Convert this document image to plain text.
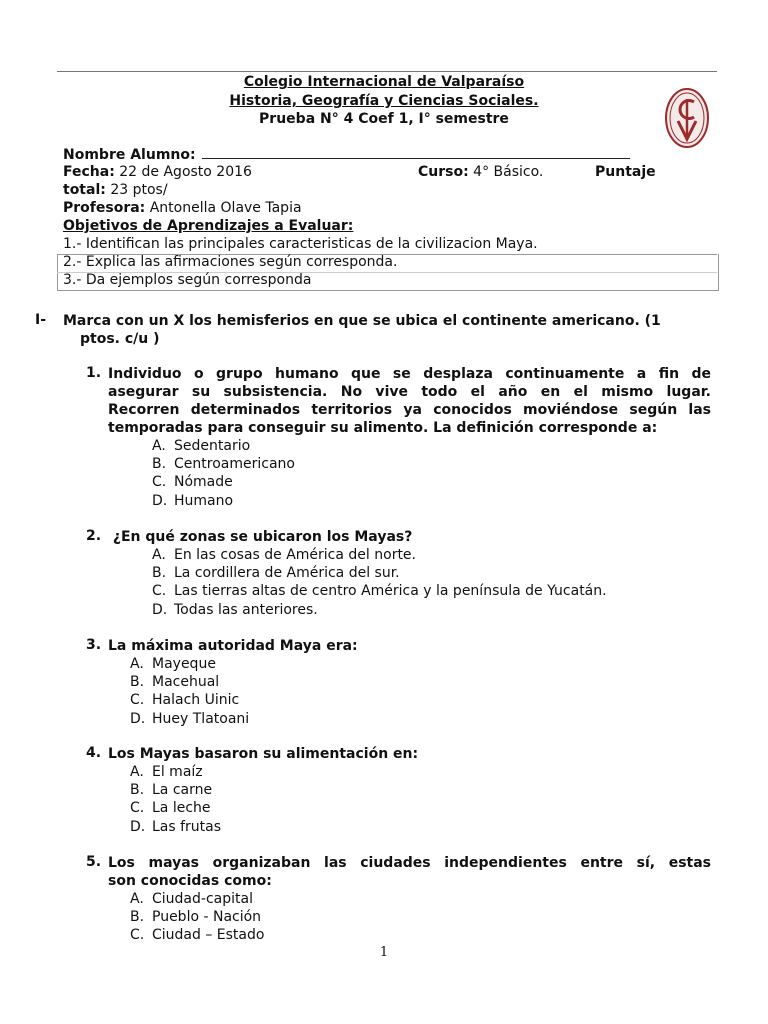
Colegio Internacional de Valparaíso
Historia, Geografía y Ciencias Sociales.
Prueba N° 4 Coef 1, I° semestre
Nombre Alumno:
Fecha: 22 de Agosto 2016	Curso: 4° Básico.	Puntaje
total: 23 ptos/
Profesora: Antonella Olave Tapia
Objetivos de Aprendizajes a Evaluar:
1.- Identifican las principales caracteristicas de la civilizacion Maya.
2.- Explica las afirmaciones según corresponda.
3.- Da ejemplos según corresponda
I- Marca con un X los hemisferios en que se ubica el continente americano. (1
ptos. c/u )
1. Individuo o grupo humano que se desplaza continuamente a fin de
asegurar su subsistencia. No vive todo el año en el mismo lugar.
Recorren determinados territorios ya conocidos moviéndose según las
temporadas para conseguir su alimento. La definición corresponde a:
A. Sedentario
B. Centroamericano
C. Nómade
D. Humano
2. ¿En qué zonas se ubicaron los Mayas?
A. En las cosas de América del norte.
B. La cordillera de América del sur.
C. Las tierras altas de centro América y la península de Yucatán.
D. Todas las anteriores.
3. La máxima autoridad Maya era:
A. Mayeque
B. Macehual
C. Halach Uinic
D. Huey Tlatoani
4. Los Mayas basaron su alimentación en:
A. El maíz
B. La carne
C. La leche
D. Las frutas
5. Los mayas organizaban las ciudades independientes entre sí, estas
son conocidas como:
A. Ciudad-capital
B. Pueblo - Nación
C. Ciudad – Estado
1
